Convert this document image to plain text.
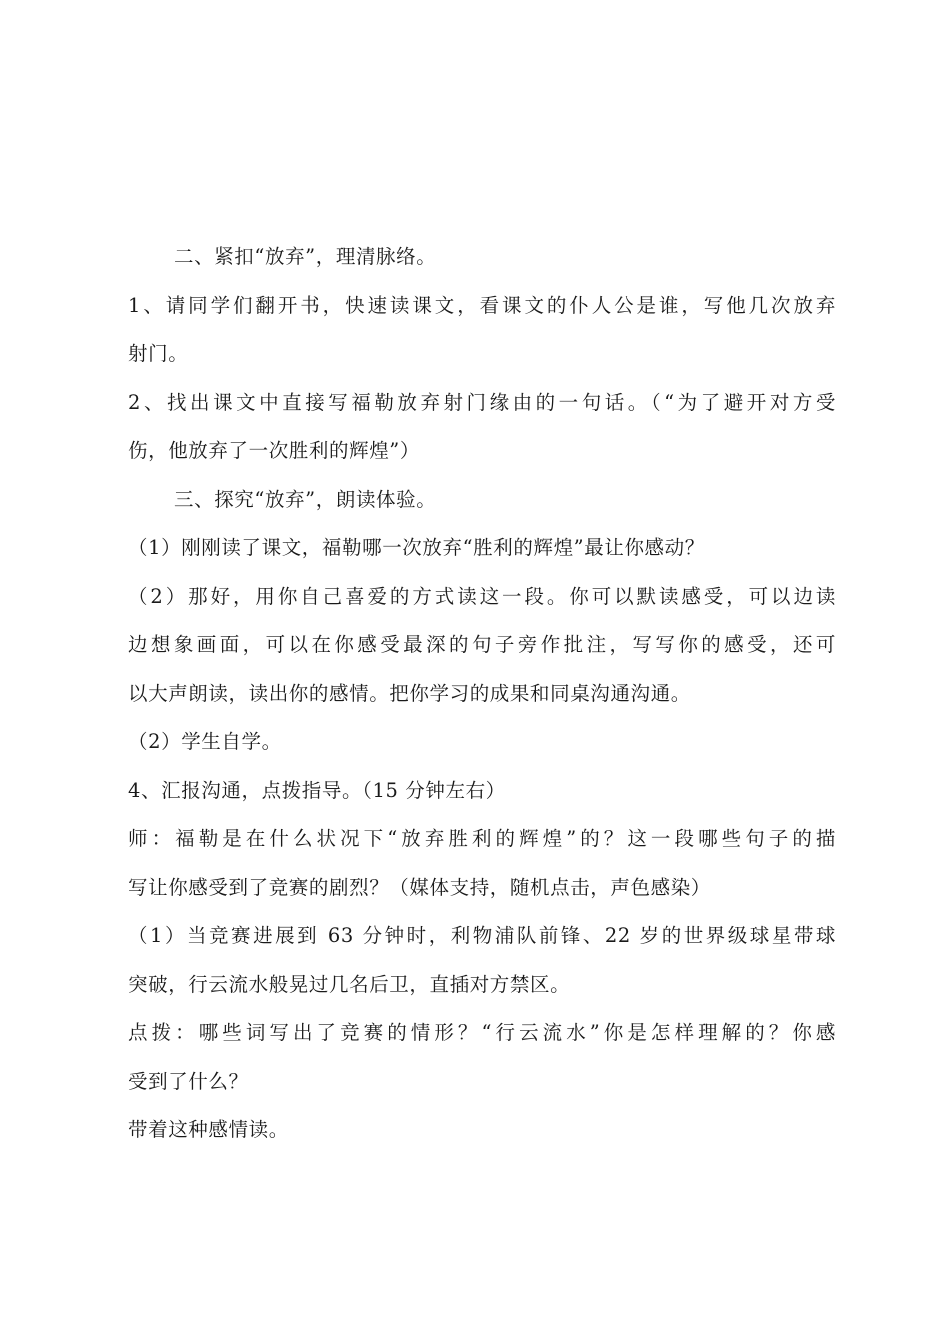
二、紧扣“放弃”，理清脉络。
1、请同学们翻开书，快速读课文，看课文的仆人公是谁，写他几次放弃
射门。
2、找出课文中直接写福勒放弃射门缘由的一句话。（“为了避开对方受
伤，他放弃了一次胜利的辉煌”）
三、探究“放弃”，朗读体验。
（1）刚刚读了课文，福勒哪一次放弃“胜利的辉煌”最让你感动？
（2）那好，用你自己喜爱的方式读这一段。你可以默读感受，可以边读
边想象画面，可以在你感受最深的句子旁作批注，写写你的感受，还可
以大声朗读，读出你的感情。把你学习的成果和同桌沟通沟通。
（2）学生自学。
4、汇报沟通，点拨指导。（15 分钟左右）
师：福勒是在什么状况下“放弃胜利的辉煌”的？这一段哪些句子的描
写让你感受到了竞赛的剧烈？（媒体支持，随机点击，声色感染）
（1）当竞赛进展到 63 分钟时，利物浦队前锋、22 岁的世界级球星带球
突破，行云流水般晃过几名后卫，直插对方禁区。
点拨：哪些词写出了竞赛的情形？“行云流水”你是怎样理解的？你感
受到了什么？
带着这种感情读。
